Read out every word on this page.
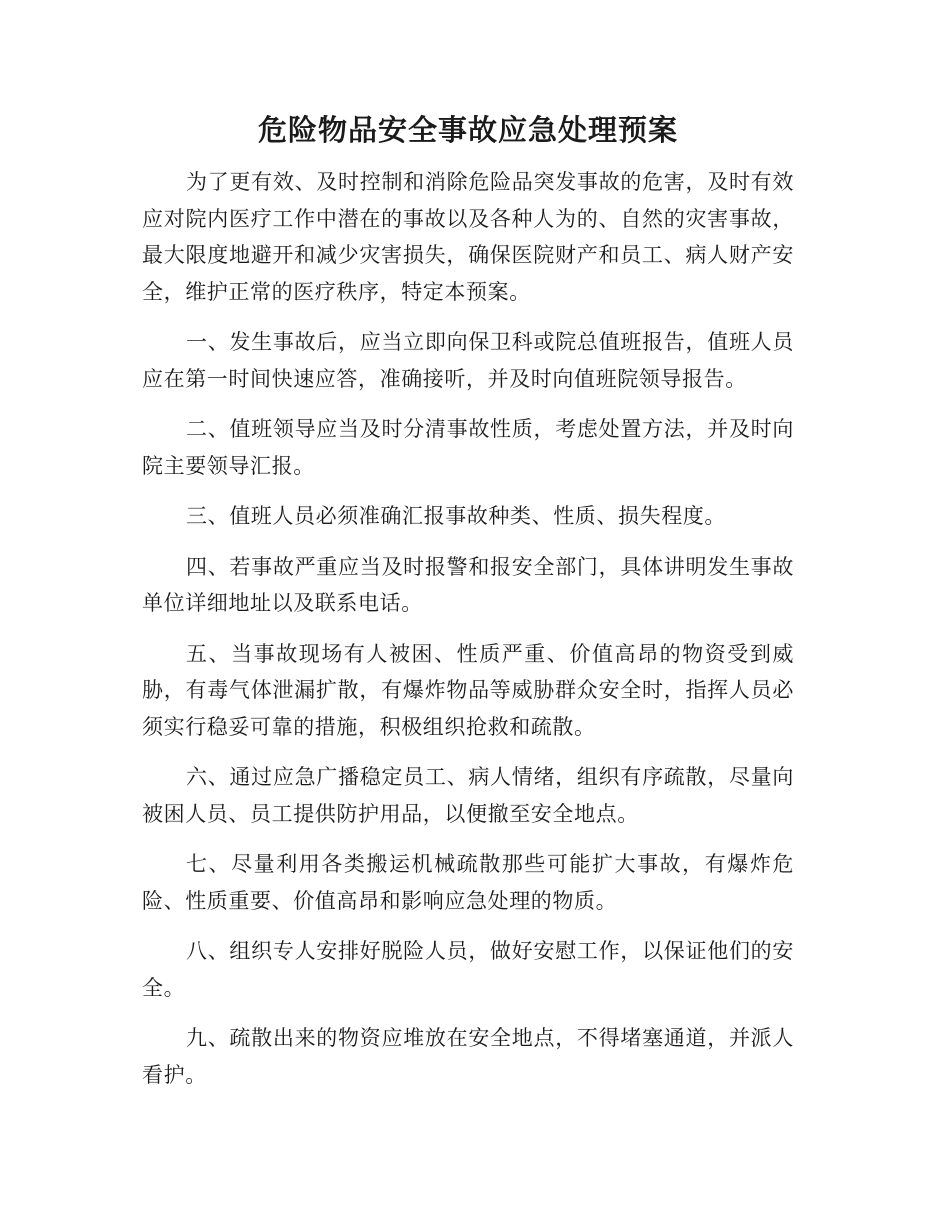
危险物品安全事故应急处理预案

为了更有效、及时控制和消除危险品突发事故的危害，及时有效应对院内医疗工作中潜在的事故以及各种人为的、自然的灾害事故，最大限度地避开和减少灾害损失，确保医院财产和员工、病人财产安全，维护正常的医疗秩序，特定本预案。

一、发生事故后，应当立即向保卫科或院总值班报告，值班人员应在第一时间快速应答，准确接听，并及时向值班院领导报告。

二、值班领导应当及时分清事故性质，考虑处置方法，并及时向院主要领导汇报。

三、值班人员必须准确汇报事故种类、性质、损失程度。

四、若事故严重应当及时报警和报安全部门，具体讲明发生事故单位详细地址以及联系电话。

五、当事故现场有人被困、性质严重、价值高昂的物资受到威胁，有毒气体泄漏扩散，有爆炸物品等威胁群众安全时，指挥人员必须实行稳妥可靠的措施，积极组织抢救和疏散。

六、通过应急广播稳定员工、病人情绪，组织有序疏散，尽量向被困人员、员工提供防护用品，以便撤至安全地点。

七、尽量利用各类搬运机械疏散那些可能扩大事故，有爆炸危险、性质重要、价值高昂和影响应急处理的物质。

八、组织专人安排好脱险人员，做好安慰工作，以保证他们的安全。

九、疏散出来的物资应堆放在安全地点，不得堵塞通道，并派人看护。
